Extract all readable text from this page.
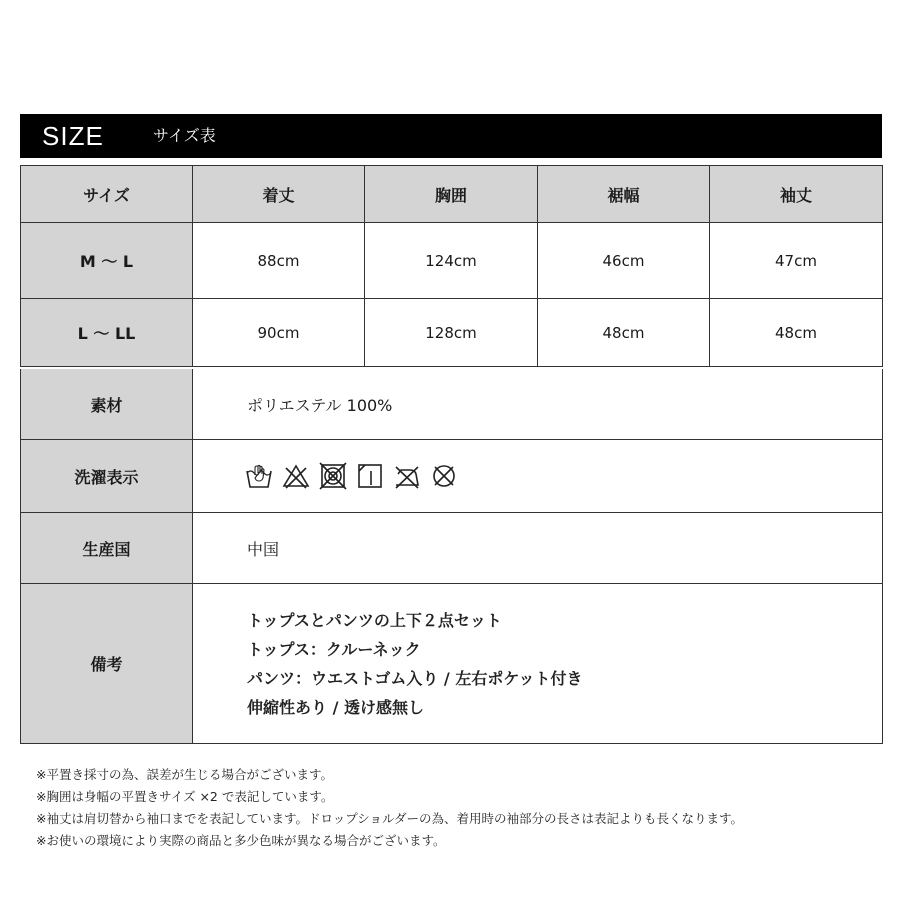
SIZE	サイズ表
サイズ	着丈	胸囲	裾幅	袖丈
M ～ L	88cm	124cm	46cm	47cm
L ～ LL	90cm	128cm	48cm	48cm
素材	ポリエステル 100%
洗濯表示	

生産国	中国
備考	トップスとパンツの上下２点セット
トップス：クルーネック
パンツ：ウエストゴム入り / 左右ポケット付き
伸縮性あり / 透け感無し
※平置き採寸の為、誤差が生じる場合がございます。
※胸囲は身幅の平置きサイズ ×2 で表記しています。
※袖丈は肩切替から袖口までを表記しています。ドロップショルダーの為、着用時の袖部分の長さは表記よりも長くなります。
※お使いの環境により実際の商品と多少色味が異なる場合がございます。
